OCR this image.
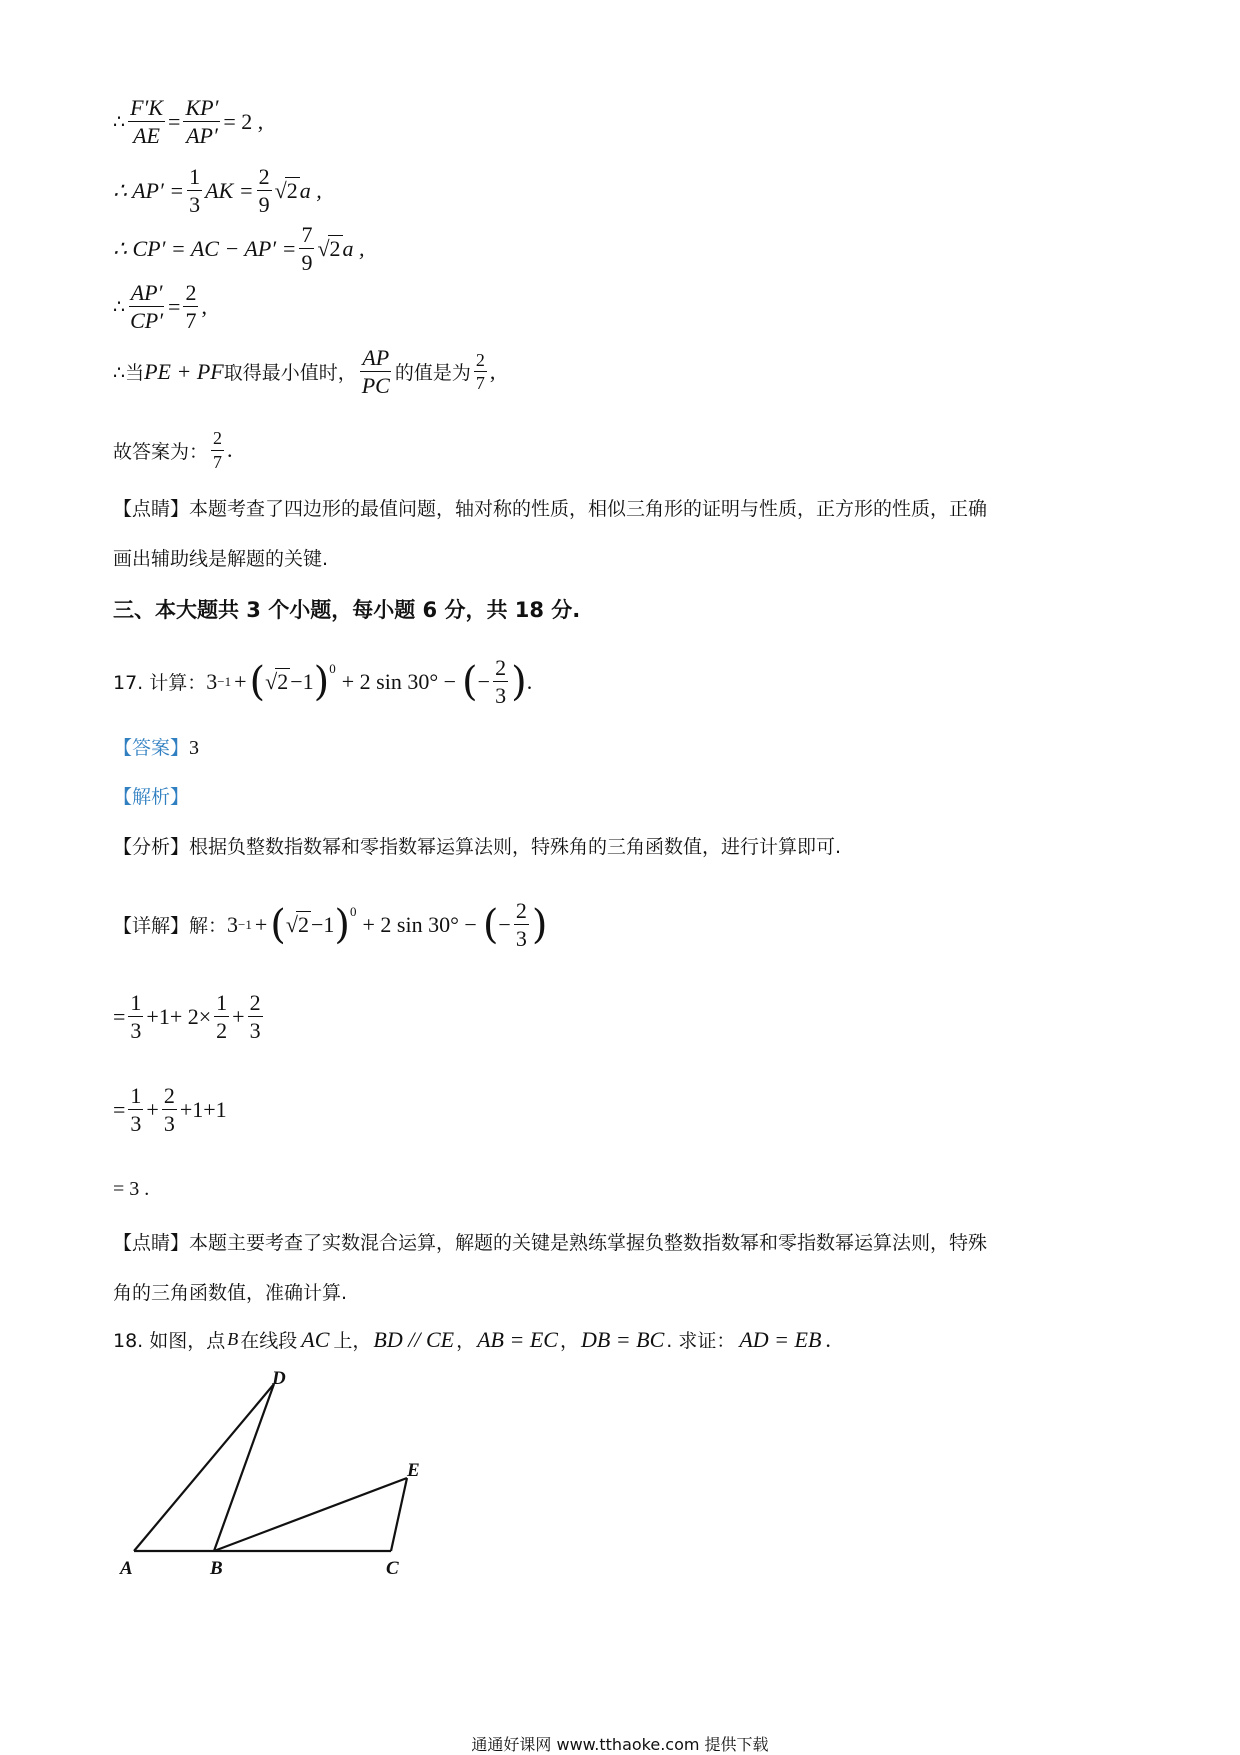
∴ $\frac{F'K}{AE} = \frac{KP'}{AP'} = 2$ ,
∴ $AP' = \frac{1}{3}$ AK = $\frac{2}{9}$ √ 2 a ,
∴ CP′ = AC − $AP' = \frac{7}{9}$ √ 2 a ,
∴ $\frac{AP'}{CP'} = \frac{2}{7}$ ,
∴当 PE + PF 取得最小值时， $\frac{AP}{PC}$ 的值是为 $\frac{2}{7}$ ,
故答案为： $\frac{2}{7}$ .
【点睛】本题考查了四边形的最值问题，轴对称的性质，相似三角形的证明与性质，正方形的性质，正确
画出辅助线是解题的关键.
三、本大题共 3 个小题，每小题 6 分，共 18 分.
17. 计算： 3 −1 + ( √ 2 −1 )$^0$
+ 2 sin 30° − ( − $\frac{2}{3}$ ) .
【答案】3
【解析】
【分析】根据负整数指数幂和零指数幂运算法则，特殊角的三角函数值，进行计算即可.
【详解】 解： 3 −1 + ( √ 2 −1 )$^0$
+ 2 sin 30° − ( − $\frac{2}{3}$ )
= $\frac{1}{3} +1+ 2\times \frac{1}{2} + \frac{2}{3}$
= $\frac{1}{3} + \frac{2}{3} +1+1$
= 3 .
【点睛】本题主要考查了实数混合运算，解题的关键是熟练掌握负整数指数幂和零指数幂运算法则，特殊
角的三角函数值，准确计算.
18. 如图，点 B 在线段 AC 上， BD // CE ， AB = EC ， DB = BC . 求证： AD = EB .
A	B	C
D
E
通通好课网 www.tthaoke.com 提供下载
